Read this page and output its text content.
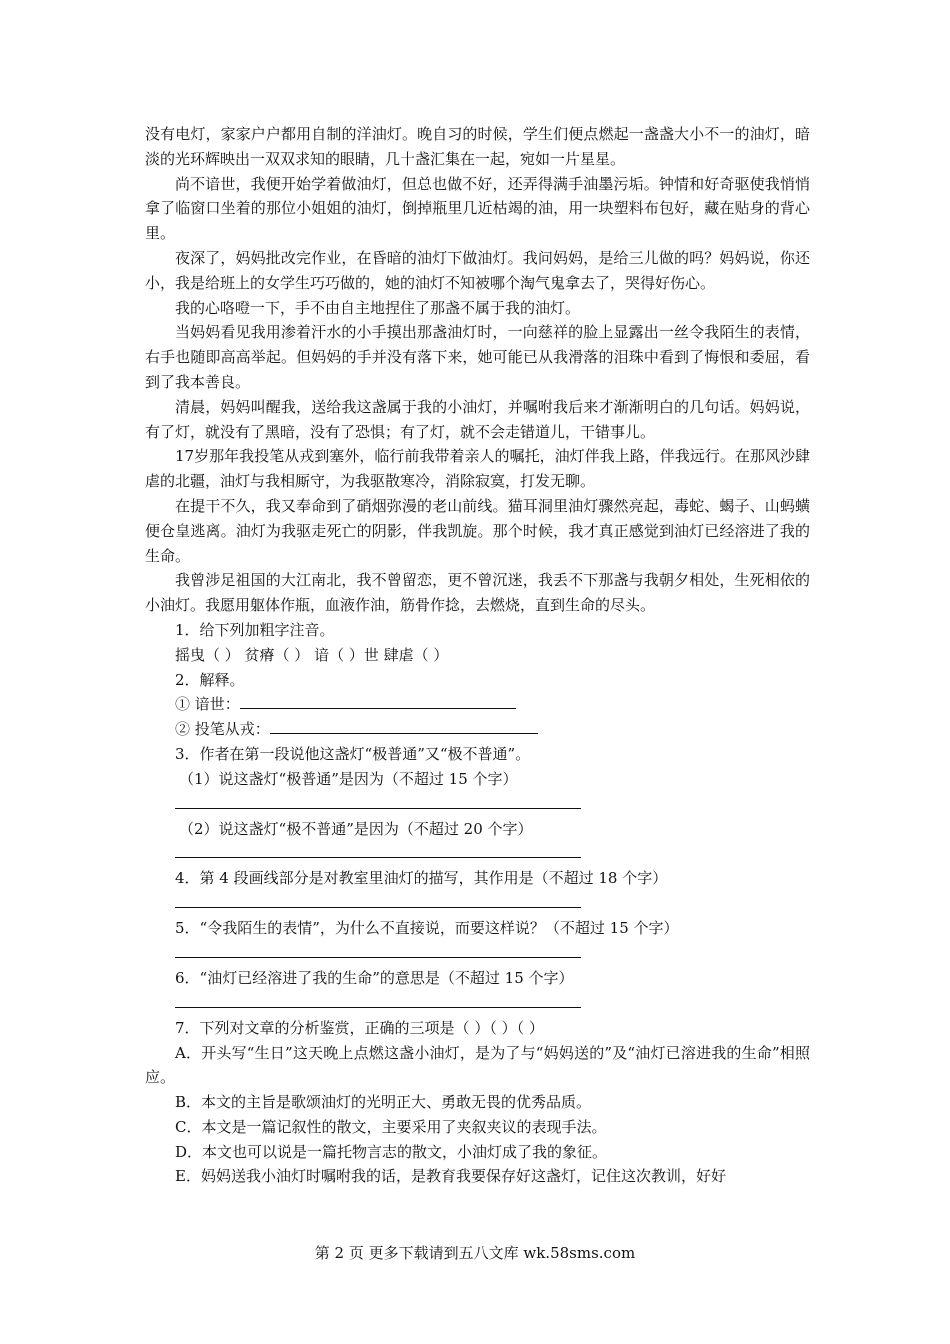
没有电灯，家家户户都用自制的洋油灯。晚自习的时候，学生们便点燃起一盏盏大小不一的油灯，暗淡的光环辉映出一双双求知的眼睛，几十盏汇集在一起，宛如一片星星。

尚不谙世，我便开始学着做油灯，但总也做不好，还弄得满手油墨污垢。钟情和好奇驱使我悄悄拿了临窗口坐着的那位小姐姐的油灯，倒掉瓶里几近枯竭的油，用一块塑料布包好，藏在贴身的背心里。

夜深了，妈妈批改完作业，在昏暗的油灯下做油灯。我问妈妈，是给三儿做的吗？妈妈说，你还小，我是给班上的女学生巧巧做的，她的油灯不知被哪个淘气鬼拿去了，哭得好伤心。

我的心咯噔一下，手不由自主地捏住了那盏不属于我的油灯。

当妈妈看见我用渗着汗水的小手摸出那盏油灯时，一向慈祥的脸上显露出一丝令我陌生的表情，右手也随即高高举起。但妈妈的手并没有落下来，她可能已从我滑落的泪珠中看到了悔恨和委屈，看到了我本善良。

清晨，妈妈叫醒我，送给我这盏属于我的小油灯，并嘱咐我后来才渐渐明白的几句话。妈妈说，有了灯，就没有了黑暗，没有了恐惧；有了灯，就不会走错道儿，干错事儿。

17岁那年我投笔从戎到塞外，临行前我带着亲人的嘱托，油灯伴我上路，伴我远行。在那风沙肆虐的北疆，油灯与我相厮守，为我驱散寒冷，消除寂寞，打发无聊。

在提干不久，我又奉命到了硝烟弥漫的老山前线。猫耳洞里油灯骤然亮起，毒蛇、蝎子、山蚂蟥便仓皇逃离。油灯为我驱走死亡的阴影，伴我凯旋。那个时候，我才真正感觉到油灯已经溶进了我的生命。

我曾涉足祖国的大江南北，我不曾留恋，更不曾沉迷，我丢不下那盏与我朝夕相处，生死相依的小油灯。我愿用躯体作瓶，血液作油，筋骨作捻，去燃烧，直到生命的尽头。

1．给下列加粗字注音。

摇曳（ ） 贫瘠（ ） 谙（ ）世 肆虐（ ）

2．解释。

① 谙世：

② 投笔从戎：

3．作者在第一段说他这盏灯“极普通”又“极不普通”。

（1）说这盏灯“极普通”是因为（不超过 15 个字）

（2）说这盏灯“极不普通”是因为（不超过 20 个字）

4．第 4 段画线部分是对教室里油灯的描写，其作用是（不超过 18 个字）

5．“令我陌生的表情”，为什么不直接说，而要这样说？（不超过 15 个字）

6．“油灯已经溶进了我的生命”的意思是（不超过 15 个字）

7．下列对文章的分析鉴赏，正确的三项是（ ）（ ）（ ）

A．开头写“生日”这天晚上点燃这盏小油灯，是为了与“妈妈送的”及“油灯已溶进我的生命”相照应。

B．本文的主旨是歌颂油灯的光明正大、勇敢无畏的优秀品质。

C．本文是一篇记叙性的散文，主要采用了夹叙夹议的表现手法。

D．本文也可以说是一篇托物言志的散文，小油灯成了我的象征。

E．妈妈送我小油灯时嘱咐我的话，是教育我要保存好这盏灯，记住这次教训，好好

第 2 页 更多下载请到五八文库 wk.58sms.com
